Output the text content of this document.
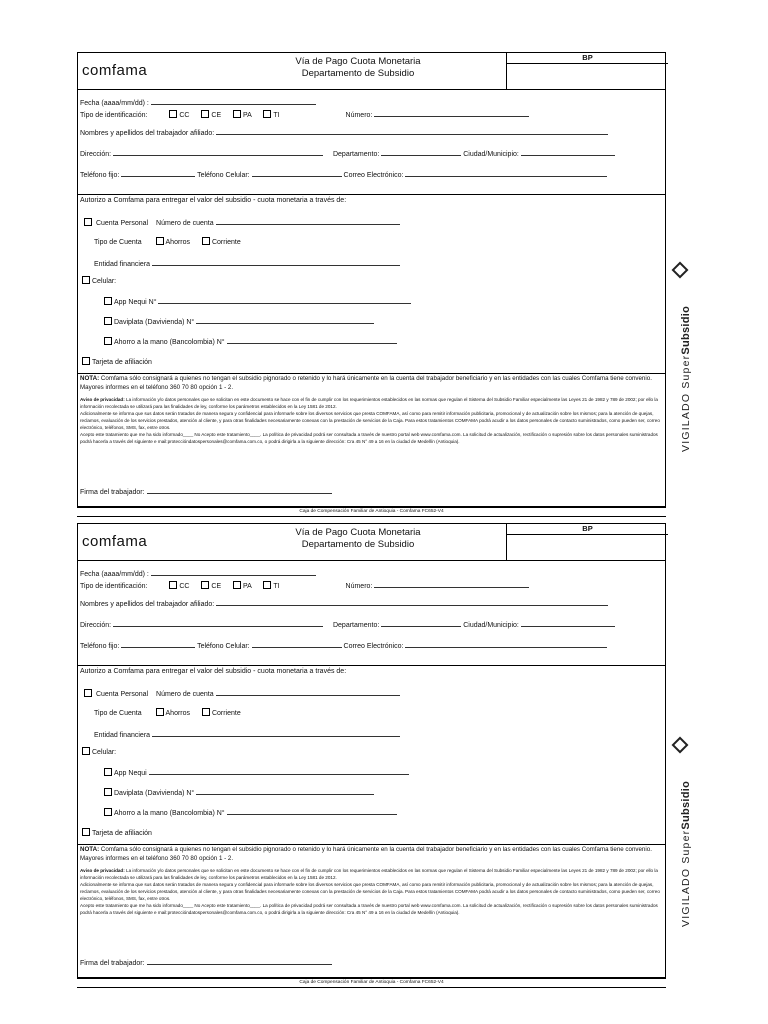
comfama
Vía de Pago Cuota Monetaria
Departamento de Subsidio
BP
Fecha (aaaa/mm/dd) :
Tipo de identificación:	CC	CE	PA	TI	Número:
Nombres y apellidos del trabajador afiliado:
Dirección:	Departamento:	Ciudad/Municipio:
Teléfono fijo:	Teléfono Celular:	Correo Electrónico:
Autorizo a Comfama para entregar el valor del subsidio - cuota monetaria a través de:
Cuenta Personal Número de cuenta
Tipo de Cuenta	Ahorros	Corriente
Entidad financiera
Celular:
App Nequi N°
Daviplata (Davivienda) N°
Ahorro a la mano (Bancolombia) N°
Tarjeta de afiliación
NOTA: Comfama sólo consignará a quienes no tengan el subsidio pignorado o retenido y lo hará únicamente en la cuenta del trabajador beneficiario y en las entidades con las cuales Comfama tiene convenio. Mayores informes en el teléfono 360 70 80 opción 1 - 2.
Aviso de privacidad: La información y/o datos personales que se solicitan en este documento se hace con el fin de cumplir con los requerimientos establecidos en las normas que regulan el Sistema del Subsidio Familiar especialmente las Leyes 21 de 1982 y 789 de 2002; por ello la información recolectada se utilizará para las finalidades de ley, conforme los parámetros establecidos en la Ley 1581 de 2012.
Adicionalmente se informa que sus datos serán tratados de manera segura y confidencial para informarle sobre los diversos servicios que presta COMFAMA, así como para remitir información publicitaria, promocional y de actualización sobre los mismos; para la atención de quejas, reclamos, evaluación de los servicios prestados, atención al cliente, y para otras finalidades necesariamente conexas con la prestación de servicios de la Caja. Para estos tratamientos COMFAMA podrá acudir a los datos personales de contacto suministrados, como pueden ser, correo electrónico, teléfonos, SMS, fax, entre otros.
Acepto este tratamiento que me ha sido informado____ No Acepto este tratamiento____. La política de privacidad podrá ser consultada a través de nuestro portal web www.comfama.com. La solicitud de actualización, rectificación o supresión sobre los datos personales suministrados podrá hacerla a través del siguiente e mail:proteccióndatospersonales@comfama.com.co, o podrá dirigirla a la siguiente dirección: Cra 45 N° 49 a 16 en la ciudad de Medellín (Antioquia).
Firma del trabajador:
Caja de Compensación Familiar de Antioquia - Comfama FC652-V4
comfama
Vía de Pago Cuota Monetaria
Departamento de Subsidio
BP
Fecha (aaaa/mm/dd) :
Tipo de identificación:	CC	CE	PA	TI	Número:
Nombres y apellidos del trabajador afiliado:
Dirección:	Departamento:	Ciudad/Municipio:
Teléfono fijo:	Teléfono Celular:	Correo Electrónico:
Autorizo a Comfama para entregar el valor del subsidio - cuota monetaria a través de:
Cuenta Personal Número de cuenta
Tipo de Cuenta	Ahorros	Corriente
Entidad financiera
Celular:
App Nequi
Daviplata (Davivienda) N°
Ahorro a la mano (Bancolombia) N°
Tarjeta de afiliación
NOTA: Comfama sólo consignará a quienes no tengan el subsidio pignorado o retenido y lo hará únicamente en la cuenta del trabajador beneficiario y en las entidades con las cuales Comfama tiene convenio. Mayores informes en el teléfono 360 70 80 opción 1 - 2.
Aviso de privacidad: La información y/o datos personales que se solicitan en este documento se hace con el fin de cumplir con los requerimientos establecidos en las normas que regulan el Sistema del Subsidio Familiar especialmente las Leyes 21 de 1982 y 789 de 2002; por ello la información recolectada se utilizará para las finalidades de ley, conforme los parámetros establecidos en la Ley 1581 de 2012.
Adicionalmente se informa que sus datos serán tratados de manera segura y confidencial para informarle sobre los diversos servicios que presta COMFAMA, así como para remitir información publicitaria, promocional y de actualización sobre los mismos; para la atención de quejas, reclamos, evaluación de los servicios prestados, atención al cliente, y para otras finalidades necesariamente conexas con la prestación de servicios de la Caja. Para estos tratamientos COMFAMA podrá acudir a los datos personales de contacto suministrados, como pueden ser, correo electrónico, teléfonos, SMS, fax, entre otros.
Acepto este tratamiento que me ha sido informado____ No Acepto este tratamiento____. La política de privacidad podrá ser consultada a través de nuestro portal web www.comfama.com. La solicitud de actualización, rectificación o supresión sobre los datos personales suministrados podrá hacerla a través del siguiente e mail:proteccióndatospersonales@comfama.com.co, o podrá dirigirla a la siguiente dirección: Cra 45 N° 49 a 16 en la ciudad de Medellín (Antioquia).
Firma del trabajador:
Caja de Compensación Familiar de Antioquia - Comfama FC652-V4
VIGILADO SuperSubsidio
VIGILADO SuperSubsidio
